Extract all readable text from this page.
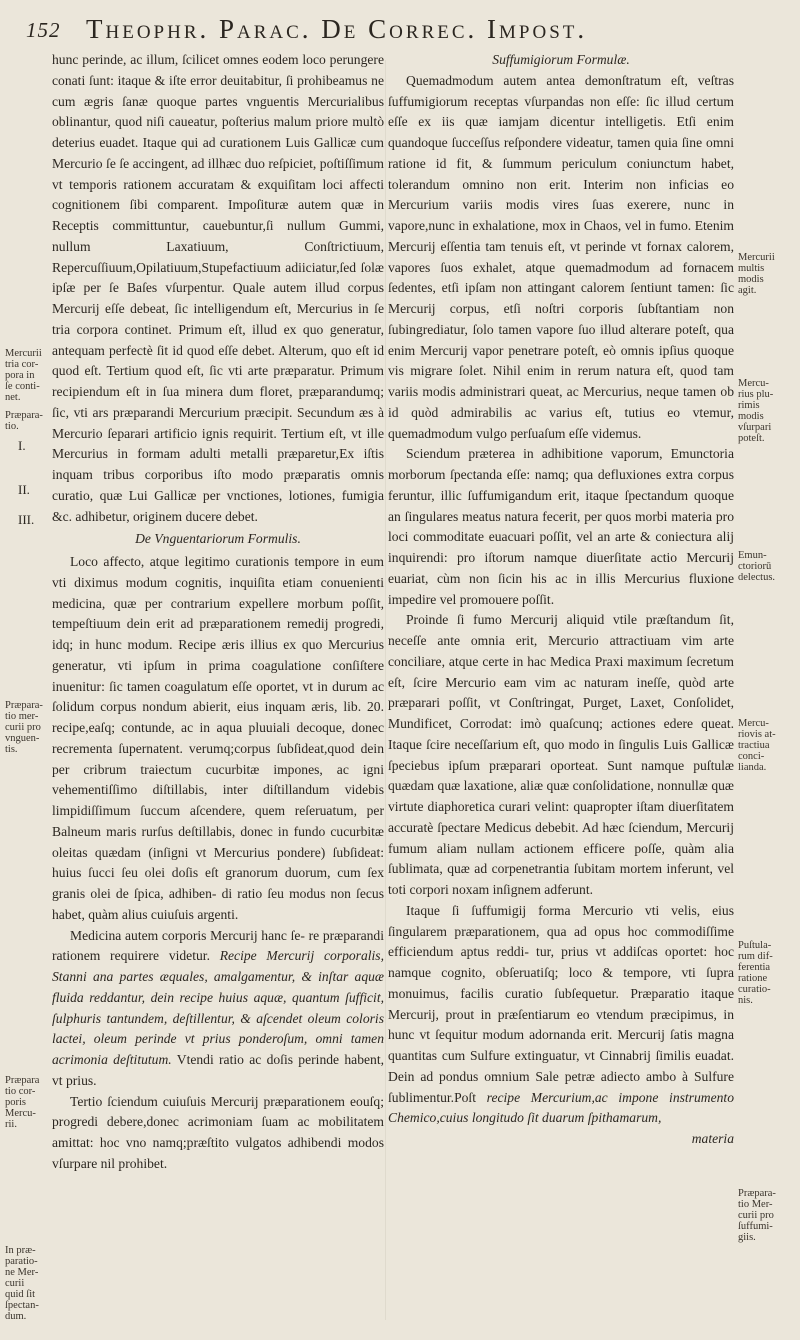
152 Theophr. Parac. De Correc. Impost.

hunc perinde, ac illum, ſcilicet omnes eodem loco perungere conati ſunt: itaque & iſte error deuitabitur, ſi prohibeamus ne cum ægris ſanæ quoque partes vnguentis Mercurialibus oblinantur, quod niſi caueatur, poſterius malum priore multò deterius euadet. Itaque qui ad curationem Luis Gallicæ cum Mercurio ſe ſe accingent, ad illhæc duo reſpiciet, poſtiſſimum vt temporis rationem accuratam & exquiſitam loci affecti cognitionem ſibi comparent. Impoſituræ autem quæ in Receptis committuntur, cauebuntur,ſi nullum Gummi, nullum Laxatiuum, Conſtrictiuum, Repercuſſiuum,Opilatiuum,Stupefactiuum adiiciatur,ſed ſolæ ipſæ per ſe Baſes vſurpentur. Quale autem illud corpus Mercurij eſſe debeat, ſic intelligendum eſt, Mercurius in ſe tria corpora continet. Primum eſt, illud ex quo generatur, antequam perfectè ſit id quod eſſe debet. Alterum, quo eſt id quod eſt. Tertium quod eſt, ſic vti arte præparatur. Primum recipiendum eſt in ſua minera dum floret, præparandumq; ſic, vti ars præparandi Mercurium præcipit. Secundum æs à Mercurio ſeparari artificio ignis requirit. Tertium eſt, vt ille Mercurius in formam adulti metalli præparetur,Ex iſtis inquam tribus corporibus iſto modo præparatis omnis curatio, quæ Lui Gallicæ per vnctiones, lotiones, fumigia &c. adhibetur, originem ducere debet.

De Vnguentariorum Formulis.

Loco affecto, atque legitimo curationis tempore in eum vti diximus modum cognitis, inquiſita etiam conuenienti medicina, quæ per contrarium expellere morbum poſſit, tempeſtiuum dein erit ad præparationem remedij progredi, idq; in hunc modum. Recipe æris illius ex quo Mercurius generatur, vti ipſum in prima coagulatione conſiſtere inuenitur: ſic tamen coagulatum eſſe oportet, vt in durum ac ſolidum corpus nondum abierit, eius inquam æris, lib. 20. recipe,eaſq; contunde, ac in aqua pluuiali decoque, donec recrementa ſupernatent. verumq;corpus ſubſideat,quod dein per cribrum traiectum cucurbitæ impones, ac igni vehementiſſimo diſtillabis, inter diſtillandum videbis limpidiſſimum ſuccum aſcendere, quem reſeruatum, per Balneum maris rurſus deſtillabis, donec in fundo cucurbitæ oleitas quædam (inſigni vt Mercurius pondere) ſubſideat: huius ſucci ſeu olei doſis eſt granorum duorum, cum ſex granis olei de ſpica, adhiben- di ratio ſeu modus non ſecus habet, quàm alius cuiuſuis argenti.

Medicina autem corporis Mercurij hanc ſe- re præparandi rationem requirere videtur. Recipe Mercurij corporalis, Stanni ana partes æquales, amalgamentur, & inſtar aquæ fluida reddantur, dein recipe huius aquæ, quantum ſufficit, ſulphuris tantundem, deſtillentur, & aſcendet oleum coloris lactei, oleum perinde vt prius ponderoſum, omni tamen acrimonia deſtitutum. Vtendi ratio ac doſis perinde habent, vt prius.

Tertio ſciendum cuiuſuis Mercurij præparationem eouſq; progredi debere,donec acrimoniam ſuam ac mobilitatem amittat: hoc vno namq;præſtito vulgatos adhibendi modos vſurpare nil prohibet.

Suffumigiorum Formulæ.

Quemadmodum autem antea demonſtratum eſt, veſtras ſuffumigiorum receptas vſurpandas non eſſe: ſic illud certum eſſe ex iis quæ iamjam dicentur intelligetis. Etſi enim quandoque ſucceſſus reſpondere videatur, tamen quia ſine omni ratione id fit, & ſummum periculum coniunctum habet, tolerandum omnino non erit. Interim non inficias eo Mercurium variis modis vires ſuas exerere, nunc in vapore,nunc in exhalatione, mox in Chaos, vel in fumo. Etenim Mercurij eſſentia tam tenuis eſt, vt perinde vt fornax calorem, vapores ſuos exhalet, atque quemadmodum ad fornacem ſedentes, etſi ipſam non attingant calorem ſentiunt tamen: ſic Mercurij corpus, etſi noſtri corporis ſubſtantiam non ſubingrediatur, ſolo tamen vapore ſuo illud alterare poteſt, qua enim Mercurij vapor penetrare poteſt, eò omnis ipſius quoque vis migrare ſolet. Nihil enim in rerum natura eſt, quod tam variis modis administrari queat, ac Mercurius, neque tamen ob id quòd admirabilis ac varius eſt, tutius eo vtemur, quemadmodum vulgo perſuaſum eſſe videmus.

Sciendum præterea in adhibitione vaporum, Emunctoria morborum ſpectanda eſſe: namq; qua defluxiones extra corpus feruntur, illic ſuffumigandum erit, itaque ſpectandum quoque an ſingulares meatus natura fecerit, per quos morbi materia pro loci commoditate euacuari poſſit, vel an arte & coniectura alij inquirendi: pro iſtorum namque diuerſitate actio Mercurij euariat, cùm non ſicin his ac in illis Mercurius fluxione impedire vel promouere poſſit.

Proinde ſi fumo Mercurij aliquid vtile præſtandum ſit, neceſſe ante omnia erit, Mercurio attractiuam vim arte conciliare, atque certe in hac Medica Praxi maximum ſecretum eſt, ſcire Mercurio eam vim ac naturam ineſſe, quòd arte præparari poſſit, vt Conſtringat, Purget, Laxet, Conſolidet, Mundificet, Corrodat: imò quaſcunq; actiones edere queat. Itaque ſcire neceſſarium eſt, quo modo in ſingulis Luis Gallicæ ſpeciebus ipſum præparari oporteat. Sunt namque puſtulæ quædam quæ laxatione, aliæ quæ conſolidatione, nonnullæ quæ virtute diaphoretica curari velint: quapropter iſtam diuerſitatem accuratè ſpectare Medicus debebit. Ad hæc ſciendum, Mercurij fumum aliam nullam actionem efficere poſſe, quàm alia ſublimata, quæ ad corpenetrantia ſubitam mortem inferunt, vel toti corpori noxam inſignem adferunt.

Itaque ſi ſuffumigij forma Mercurio vti velis, eius ſingularem præparationem, qua ad opus hoc commodiſſime efficiendum aptus reddi- tur, prius vt addiſcas oportet: hoc namque cognito, obſeruatiſq; loco & tempore, vti ſupra monuimus, facilis curatio ſubſequetur. Præparatio itaque Mercurij, prout in præſentiarum eo vtendum præcipimus, in hunc vt ſequitur modum adornanda erit. Mercurij ſatis magna quantitas cum Sulfure extinguatur, vt Cinnabrij ſimilis euadat. Dein ad pondus omnium Sale petræ adiecto ambo à Sulfure ſublimentur.Poſt recipe Mercurium,ac impone instrumento Chemico,cuius longitudo ſit duarum ſpithamarum,

materia

Mercurii
tria cor-
pora in
ſe conti-
net.
Præpara-
tio.
I.
II.
III.
Præpara-
tio mer-
curii pro
vnguen-
tis.
Præpara
tio cor-
poris
Mercu-
rii.
In præ-
paratio-
ne Mer-
curii
quid ſit
ſpectan-
dum.
Mercurii
multis
modis
agit.
Mercu-
rius plu-
rimis
modis
vſurpari
poteſt.
Emun-
ctoriorū
delectus.
Mercu-
riovis at-
tractiua
conci-
lianda.
Puſtula-
rum dif-
ferentia
ratione
curatio-
nis.
Præpara-
tio Mer-
curii pro
ſuffumi-
giis.
